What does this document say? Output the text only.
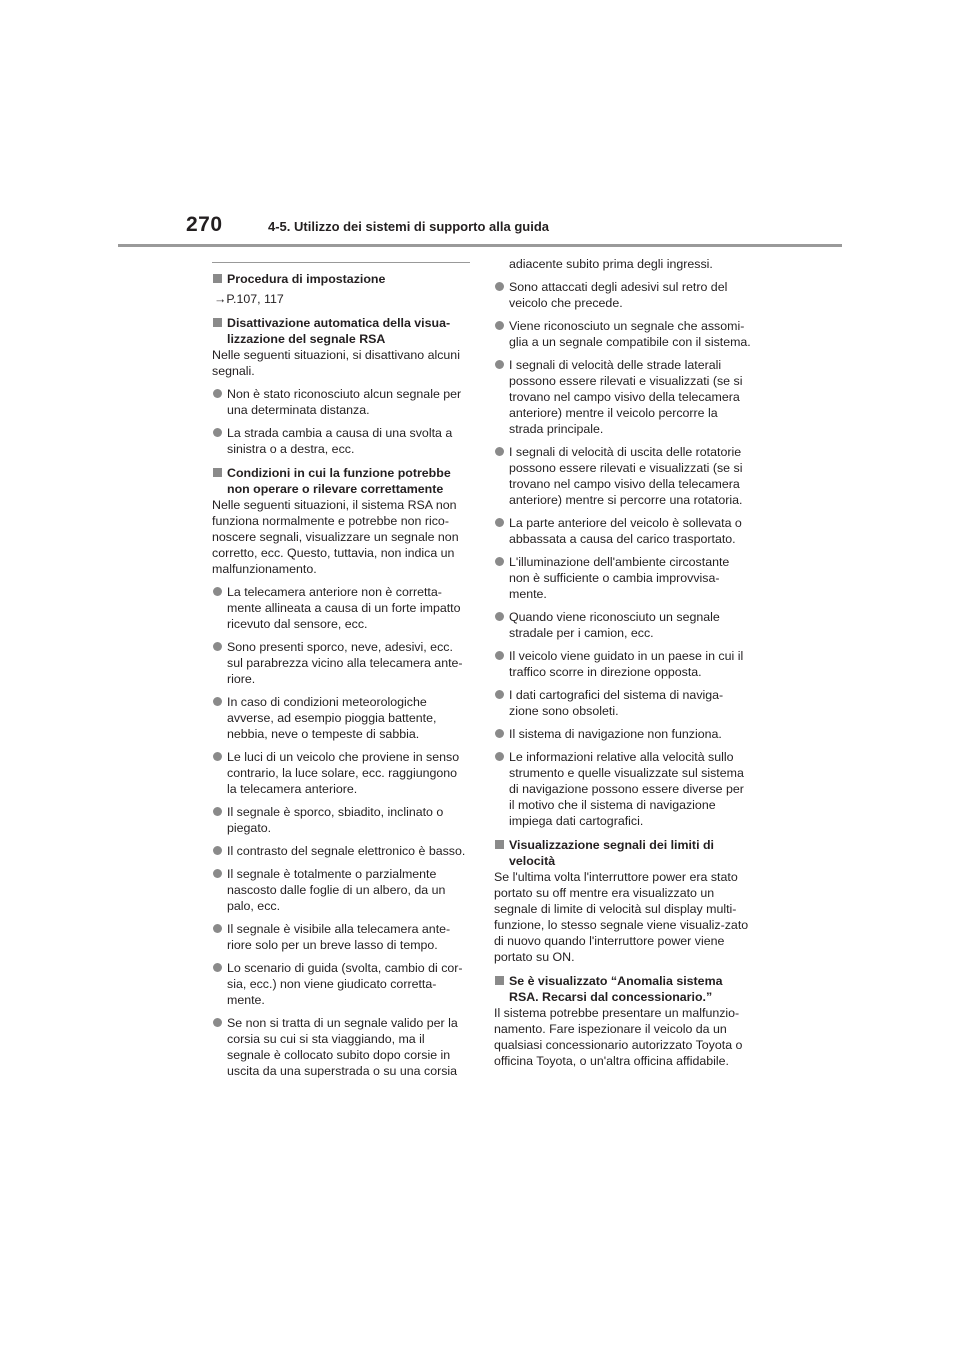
270	4-5. Utilizzo dei sistemi di supporto alla guida
Procedura di impostazione
→P.107, 117
Disattivazione automatica della visua-lizzazione del segnale RSA
Nelle seguenti situazioni, si disattivano alcuni segnali.
Non è stato riconosciuto alcun segnale per una determinata distanza.
La strada cambia a causa di una svolta a sinistra o a destra, ecc.
Condizioni in cui la funzione potrebbe non operare o rilevare correttamente
Nelle seguenti situazioni, il sistema RSA non funziona normalmente e potrebbe non rico-noscere segnali, visualizzare un segnale non corretto, ecc. Questo, tuttavia, non indica un malfunzionamento.
La telecamera anteriore non è corretta-mente allineata a causa di un forte impatto ricevuto dal sensore, ecc.
Sono presenti sporco, neve, adesivi, ecc. sul parabrezza vicino alla telecamera ante-riore.
In caso di condizioni meteorologiche avverse, ad esempio pioggia battente, nebbia, neve o tempeste di sabbia.
Le luci di un veicolo che proviene in senso contrario, la luce solare, ecc. raggiungono la telecamera anteriore.
Il segnale è sporco, sbiadito, inclinato o piegato.
Il contrasto del segnale elettronico è basso.
Il segnale è totalmente o parzialmente nascosto dalle foglie di un albero, da un palo, ecc.
Il segnale è visibile alla telecamera ante-riore solo per un breve lasso di tempo.
Lo scenario di guida (svolta, cambio di cor-sia, ecc.) non viene giudicato corretta-mente.
Se non si tratta di un segnale valido per la corsia su cui si sta viaggiando, ma il segnale è collocato subito dopo corsie in uscita da una superstrada o su una corsia
adiacente subito prima degli ingressi.
Sono attaccati degli adesivi sul retro del veicolo che precede.
Viene riconosciuto un segnale che assomi-glia a un segnale compatibile con il sistema.
I segnali di velocità delle strade laterali possono essere rilevati e visualizzati (se si trovano nel campo visivo della telecamera anteriore) mentre il veicolo percorre la strada principale.
I segnali di velocità di uscita delle rotatorie possono essere rilevati e visualizzati (se si trovano nel campo visivo della telecamera anteriore) mentre si percorre una rotatoria.
La parte anteriore del veicolo è sollevata o abbassata a causa del carico trasportato.
L'illuminazione dell'ambiente circostante non è sufficiente o cambia improvvisa-mente.
Quando viene riconosciuto un segnale stradale per i camion, ecc.
Il veicolo viene guidato in un paese in cui il traffico scorre in direzione opposta.
I dati cartografici del sistema di naviga-zione sono obsoleti.
Il sistema di navigazione non funziona.
Le informazioni relative alla velocità sullo strumento e quelle visualizzate sul sistema di navigazione possono essere diverse per il motivo che il sistema di navigazione impiega dati cartografici.
Visualizzazione segnali dei limiti di velocità
Se l'ultima volta l'interruttore power era stato portato su off mentre era visualizzato un segnale di limite di velocità sul display multi-funzione, lo stesso segnale viene visualiz-zato di nuovo quando l'interruttore power viene portato su ON.
Se è visualizzato “Anomalia sistema RSA. Recarsi dal concessionario.”
Il sistema potrebbe presentare un malfunzio-namento. Fare ispezionare il veicolo da un qualsiasi concessionario autorizzato Toyota o officina Toyota, o un'altra officina affidabile.
